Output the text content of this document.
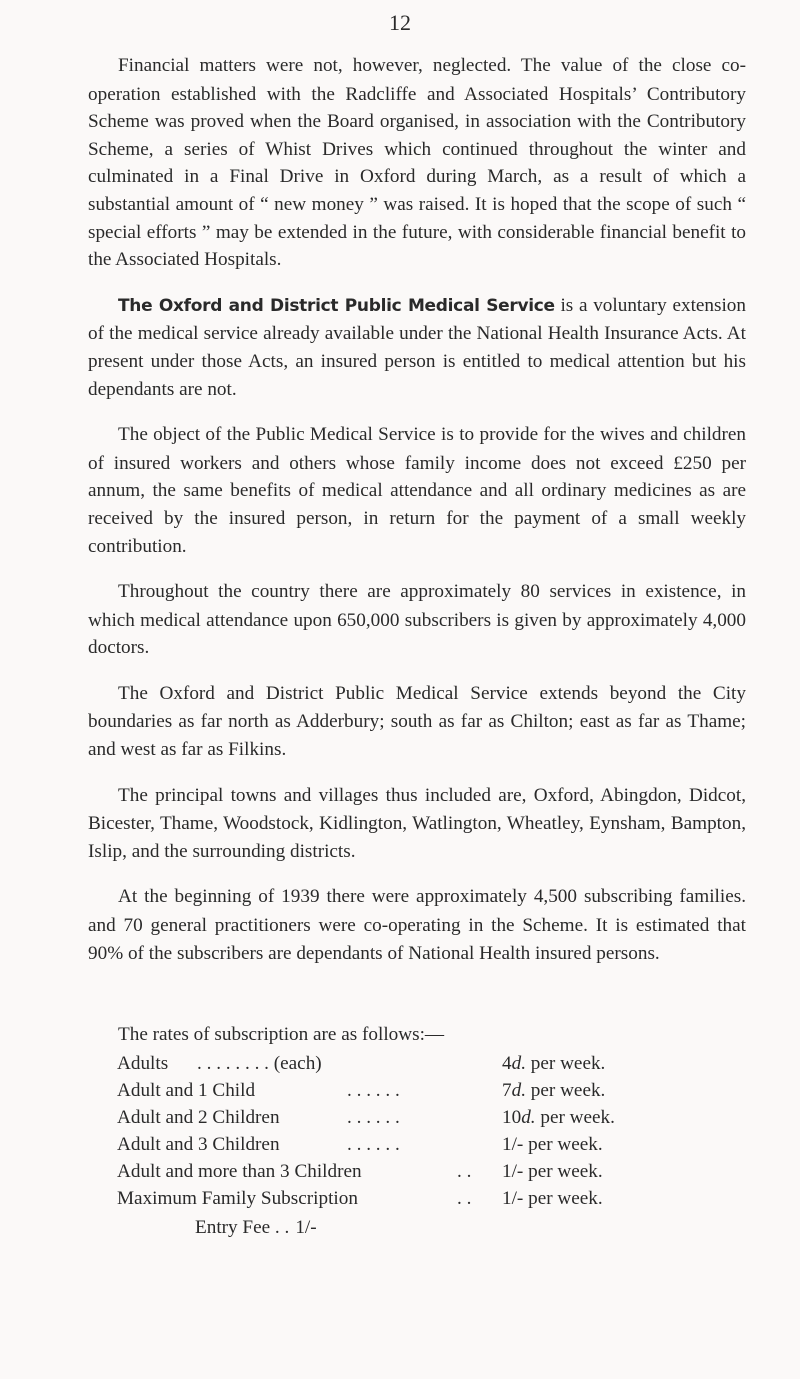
12

Financial matters were not, however, neglected. The value of the close co-operation established with the Radcliffe and Associated Hospitals’ Contributory Scheme was proved when the Board organised, in association with the Contributory Scheme, a series of Whist Drives which continued throughout the winter and culminated in a Final Drive in Oxford during March, as a result of which a substantial amount of “ new money ” was raised. It is hoped that the scope of such “ special efforts ” may be extended in the future, with considerable financial benefit to the Associated Hospitals.

The Oxford and District Public Medical Service is a voluntary extension of the medical service already available under the National Health Insurance Acts. At present under those Acts, an insured person is entitled to medical attention but his dependants are not.

The object of the Public Medical Service is to provide for the wives and children of insured workers and others whose family income does not exceed £250 per annum, the same benefits of medical attendance and all ordinary medicines as are received by the insured person, in return for the payment of a small weekly contribution.

Throughout the country there are approximately 80 services in existence, in which medical attendance upon 650,000 subscribers is given by approximately 4,000 doctors.

The Oxford and District Public Medical Service extends beyond the City boundaries as far north as Adderbury; south as far as Chilton; east as far as Thame; and west as far as Filkins.

The principal towns and villages thus included are, Oxford, Abingdon, Didcot, Bicester, Thame, Woodstock, Kidlington, Watlington, Wheatley, Eynsham, Bampton, Islip, and the surrounding districts.

At the beginning of 1939 there were approximately 4,500 subscribing families. and 70 general practitioners were co-operating in the Scheme. It is estimated that 90% of the subscribers are dependants of National Health insured persons.

The rates of subscription are as follows:—
Adults . . . . . . . . (each)	4d. per week.
Adult and 1 Child	. . . . . .	7d. per week.
Adult and 2 Children	. . . . . .	10d. per week.
Adult and 3 Children	. . . . . .	1/- per week.
Adult and more than 3 Children	. . 1/- per week.
Maximum Family Subscription	. . 1/- per week.
Entry Fee . . 1/-
